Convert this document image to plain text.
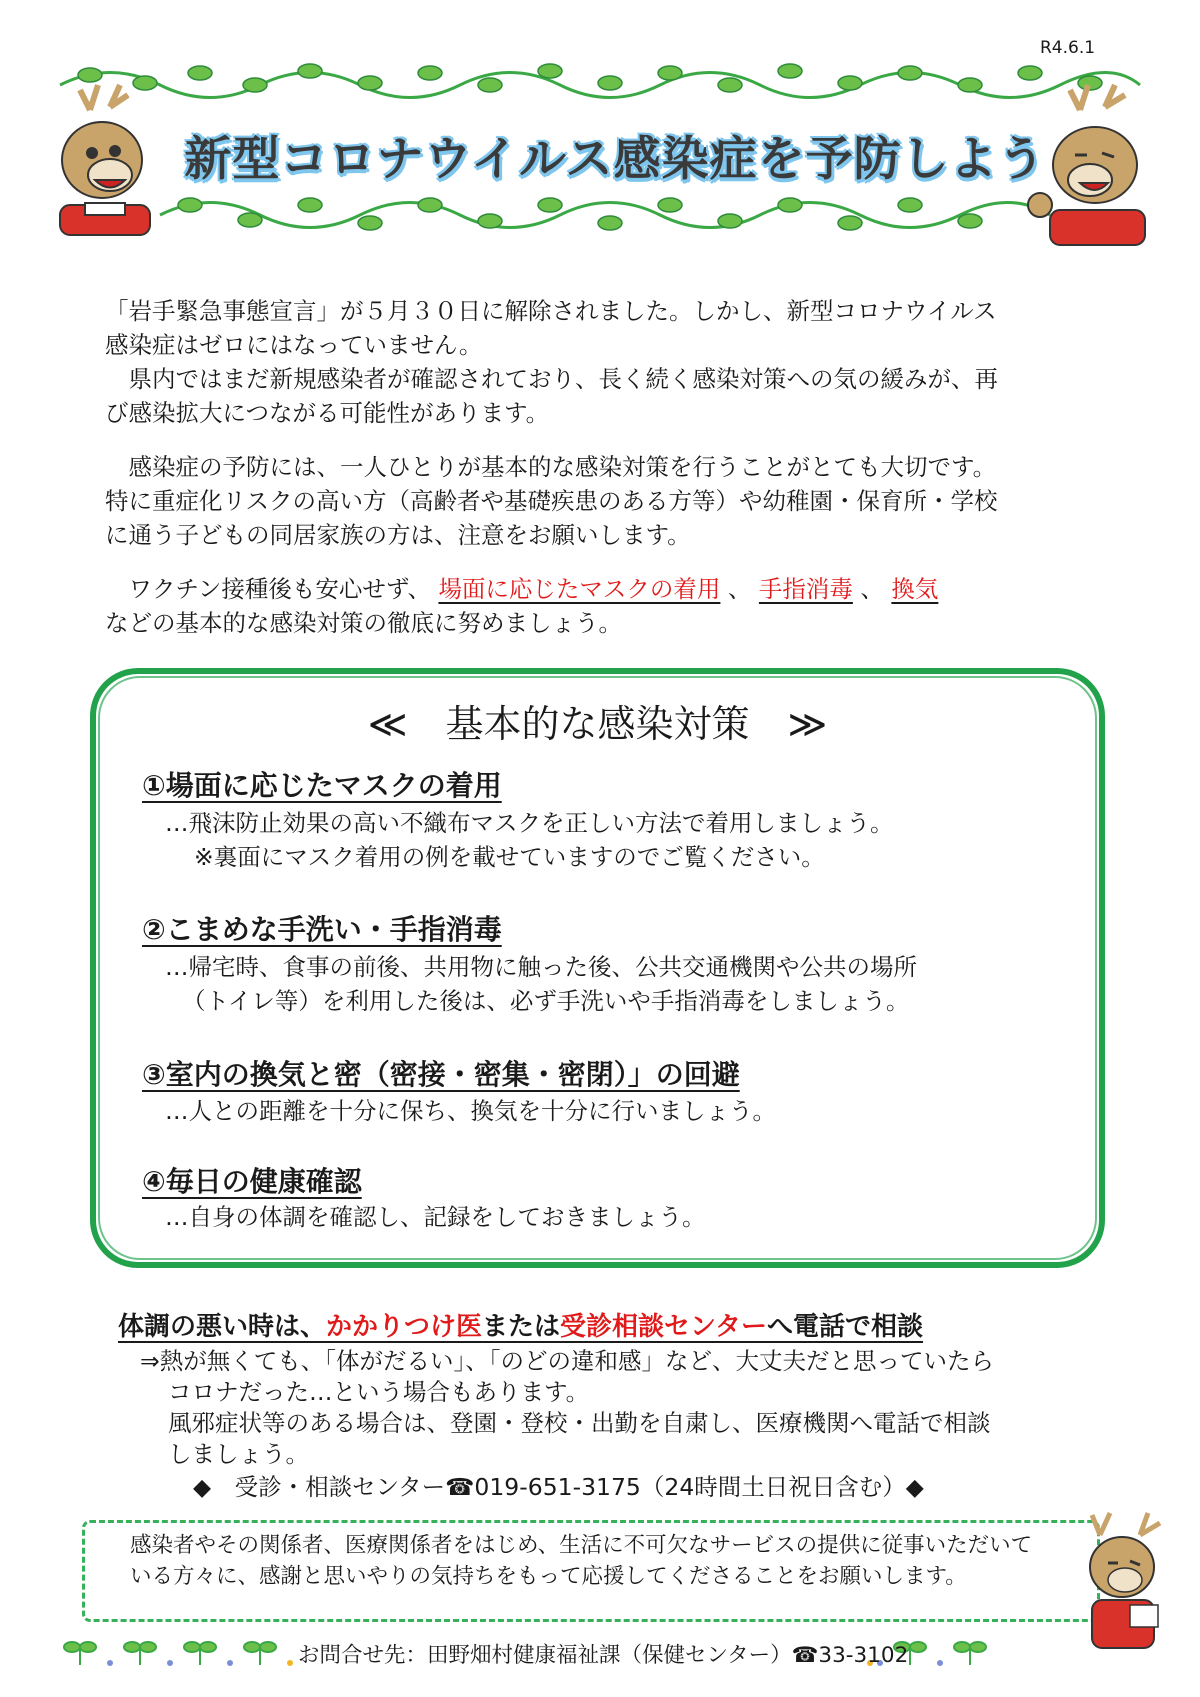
R4.6.1
新型コロナウイルス感染症を予防しよう

「岩手緊急事態宣言」が５月３０日に解除されました。しかし、新型コロナウイルス

感染症はゼロにはなっていません。

　県内ではまだ新規感染者が確認されており、長く続く感染対策への気の緩みが、再

び感染拡大につながる可能性があります。

　感染症の予防には、一人ひとりが基本的な感染対策を行うことがとても大切です。

特に重症化リスクの高い方（高齢者や基礎疾患のある方等）や幼稚園・保育所・学校

に通う子どもの同居家族の方は、注意をお願いします。

　ワクチン接種後も安心せず、 場面に応じたマスクの着用 、 手指消毒 、 換気

などの基本的な感染対策の徹底に努めましょう。

≪　基本的な感染対策　≫
①場面に応じたマスクの着用
…飛沫防止効果の高い不織布マスクを正しい方法で着用しましょう。
※裏面にマスク着用の例を載せていますのでご覧ください。
②こまめな手洗い・手指消毒
…帰宅時、食事の前後、共用物に触った後、公共交通機関や公共の場所
（トイレ等）を利用した後は、必ず手洗いや手指消毒をしましょう。
③室内の換気と密（密接・密集・密閉）」の回避
…人との距離を十分に保ち、換気を十分に行いましょう。
④毎日の健康確認
…自身の体調を確認し、記録をしておきましょう。
体調の悪い時は、かかりつけ医または受診相談センターへ電話で相談
⇒熱が無くても、「体がだるい」、「のどの違和感」など、大丈夫だと思っていたら
コロナだった…という場合もあります。
風邪症状等のある場合は、登園・登校・出勤を自粛し、医療機関へ電話で相談
しましょう。
◆　受診・相談センター☎019-651-3175（24時間土日祝日含む）◆
感染者やその関係者、医療関係者をはじめ、生活に不可欠なサービスの提供に従事いただいて
いる方々に、感謝と思いやりの気持ちをもって応援してくださることをお願いします。
お問合せ先：田野畑村健康福祉課（保健センター）☎33-3102
